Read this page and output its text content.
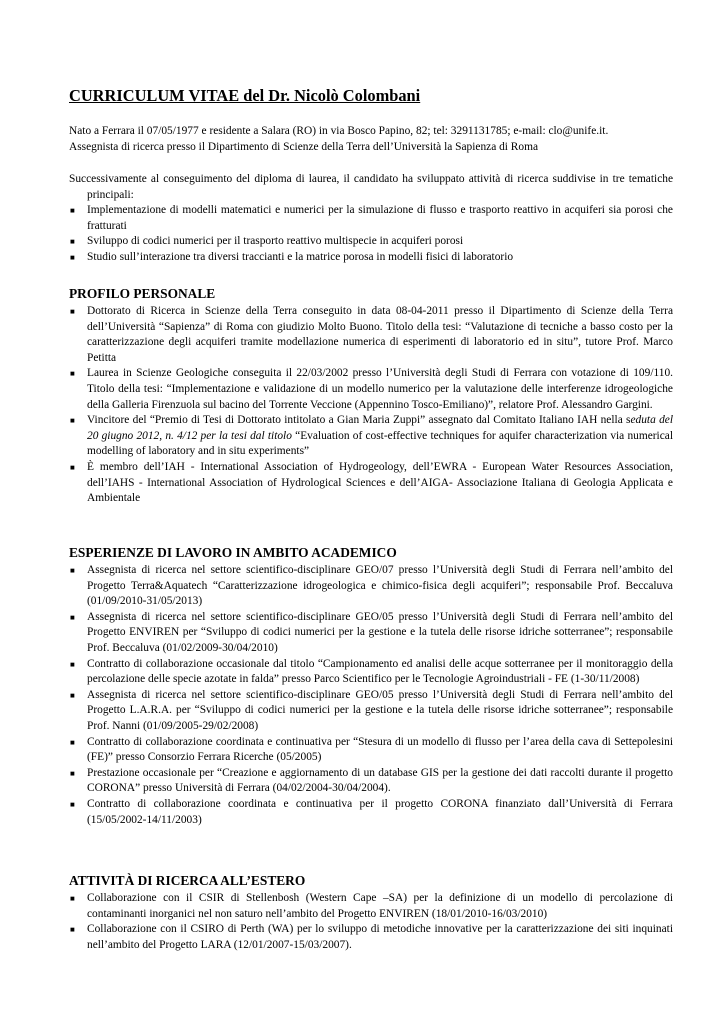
CURRICULUM VITAE del Dr. Nicolò Colombani

Nato a Ferrara il 07/05/1977 e residente a Salara (RO) in via Bosco Papino, 82; tel: 3291131785; e-mail: clo@unife.it.

Assegnista di ricerca presso il Dipartimento di Scienze della Terra dell’Università la Sapienza di Roma

Successivamente al conseguimento del diploma di laurea, il candidato ha sviluppato attività di ricerca suddivise in tre tematiche principali:

■ Implementazione di modelli matematici e numerici per la simulazione di flusso e trasporto reattivo in acquiferi sia porosi che fratturati
■ Sviluppo di codici numerici per il trasporto reattivo multispecie in acquiferi porosi
■ Studio sull’interazione tra diversi traccianti e la matrice porosa in modelli fisici di laboratorio
PROFILO PERSONALE
■ Dottorato di Ricerca in Scienze della Terra conseguito in data 08-04-2011 presso il Dipartimento di Scienze della Terra dell’Università “Sapienza” di Roma con giudizio Molto Buono. Titolo della tesi: “Valutazione di tecniche a basso costo per la caratterizzazione degli acquiferi tramite modellazione numerica di esperimenti di laboratorio ed in situ”, tutore Prof. Marco Petitta
■ Laurea in Scienze Geologiche conseguita il 22/03/2002 presso l’Università degli Studi di Ferrara con votazione di 109/110. Titolo della tesi: “Implementazione e validazione di un modello numerico per la valutazione delle interferenze idrogeologiche della Galleria Firenzuola sul bacino del Torrente Veccione (Appennino Tosco-Emiliano)”, relatore Prof. Alessandro Gargini.
■ Vincitore del “Premio di Tesi di Dottorato intitolato a Gian Maria Zuppi” assegnato dal Comitato Italiano IAH nella seduta del 20 giugno 2012, n. 4/12 per la tesi dal titolo “Evaluation of cost-effective techniques for aquifer characterization via numerical modelling of laboratory and in situ experiments”
■ È membro dell’IAH - International Association of Hydrogeology, dell’EWRA - European Water Resources Association, dell’IAHS - International Association of Hydrological Sciences e dell’AIGA- Associazione Italiana di Geologia Applicata e Ambientale
ESPERIENZE DI LAVORO IN AMBITO ACADEMICO
■ Assegnista di ricerca nel settore scientifico-disciplinare GEO/07 presso l’Università degli Studi di Ferrara nell’ambito del Progetto Terra&Aquatech “Caratterizzazione idrogeologica e chimico-fisica degli acquiferi”; responsabile Prof. Beccaluva (01/09/2010-31/05/2013)
■ Assegnista di ricerca nel settore scientifico-disciplinare GEO/05 presso l’Università degli Studi di Ferrara nell’ambito del Progetto ENVIREN per “Sviluppo di codici numerici per la gestione e la tutela delle risorse idriche sotterranee”; responsabile Prof. Beccaluva (01/02/2009-30/04/2010)
■ Contratto di collaborazione occasionale dal titolo “Campionamento ed analisi delle acque sotterranee per il monitoraggio della percolazione delle specie azotate in falda” presso Parco Scientifico per le Tecnologie Agroindustriali - FE (1-30/11/2008)
■ Assegnista di ricerca nel settore scientifico-disciplinare GEO/05 presso l’Università degli Studi di Ferrara nell’ambito del Progetto L.A.R.A. per “Sviluppo di codici numerici per la gestione e la tutela delle risorse idriche sotterranee”; responsabile Prof. Nanni (01/09/2005-29/02/2008)
■ Contratto di collaborazione coordinata e continuativa per “Stesura di un modello di flusso per l’area della cava di Settepolesini (FE)” presso Consorzio Ferrara Ricerche (05/2005)
■ Prestazione occasionale per “Creazione e aggiornamento di un database GIS per la gestione dei dati raccolti durante il progetto CORONA” presso Università di Ferrara (04/02/2004-30/04/2004).
■ Contratto di collaborazione coordinata e continuativa per il progetto CORONA finanziato dall’Università di Ferrara (15/05/2002-14/11/2003)
ATTIVITÀ DI RICERCA ALL’ESTERO
■ Collaborazione con il CSIR di Stellenbosh (Western Cape –SA) per la definizione di un modello di percolazione di contaminanti inorganici nel non saturo nell’ambito del Progetto ENVIREN (18/01/2010-16/03/2010)
■ Collaborazione con il CSIRO di Perth (WA) per lo sviluppo di metodiche innovative per la caratterizzazione dei siti inquinati nell’ambito del Progetto LARA (12/01/2007-15/03/2007).
